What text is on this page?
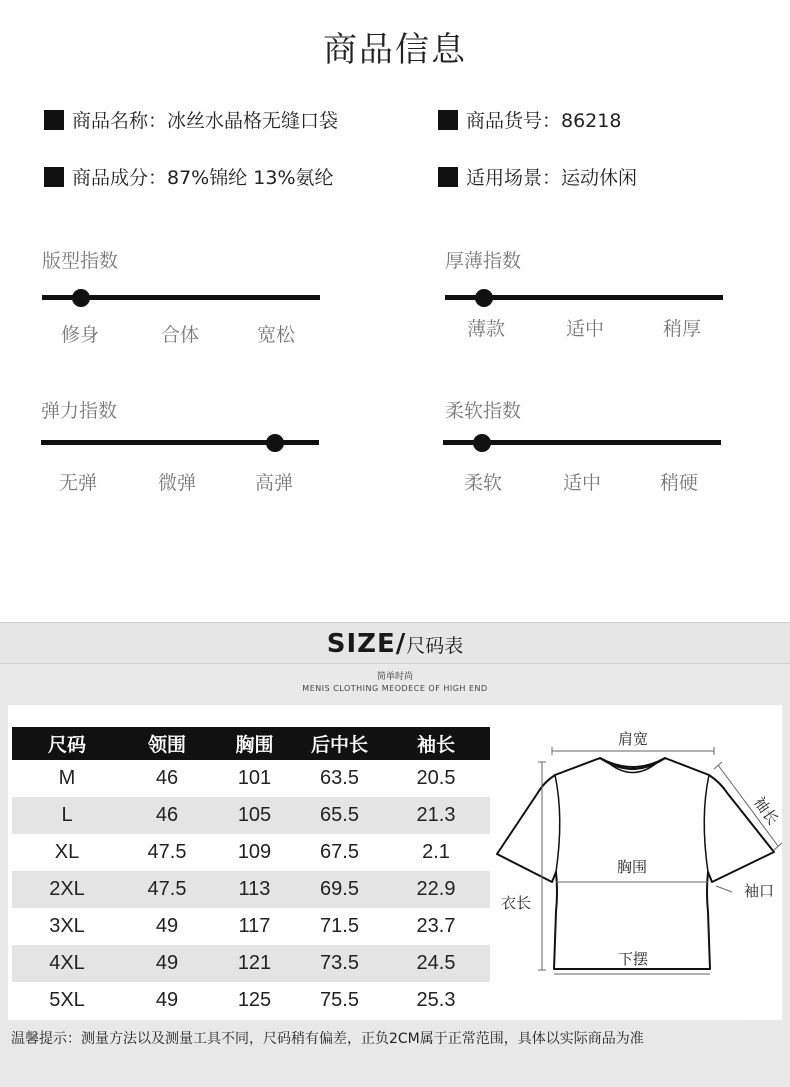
商品信息
商品名称：冰丝水晶格无缝口袋	商品货号：86218
商品成分：87%锦纶 13%氨纶	适用场景：运动休闲
版型指数
修身	合体	宽松
厚薄指数
薄款	适中	稍厚
弹力指数
无弹	微弹	高弹
柔软指数
柔软	适中	稍硬
SIZE/尺码表
简单时尚
MENIS CLOTHING MEODECE OF HIGH END
尺码	领围	胸围	后中长	袖长
M	46	101	63.5	20.5
L	46	105	65.5	21.3
XL	47.5	109	67.5	2.1
2XL	47.5	113	69.5	22.9
3XL	49	117	71.5	23.7
4XL	49	121	73.5	24.5
5XL	49	125	75.5	25.3
肩宽
袖长
胸围
袖口
衣长
下摆
温馨提示：测量方法以及测量工具不同，尺码稍有偏差，正负2CM属于正常范围，具体以实际商品为准
